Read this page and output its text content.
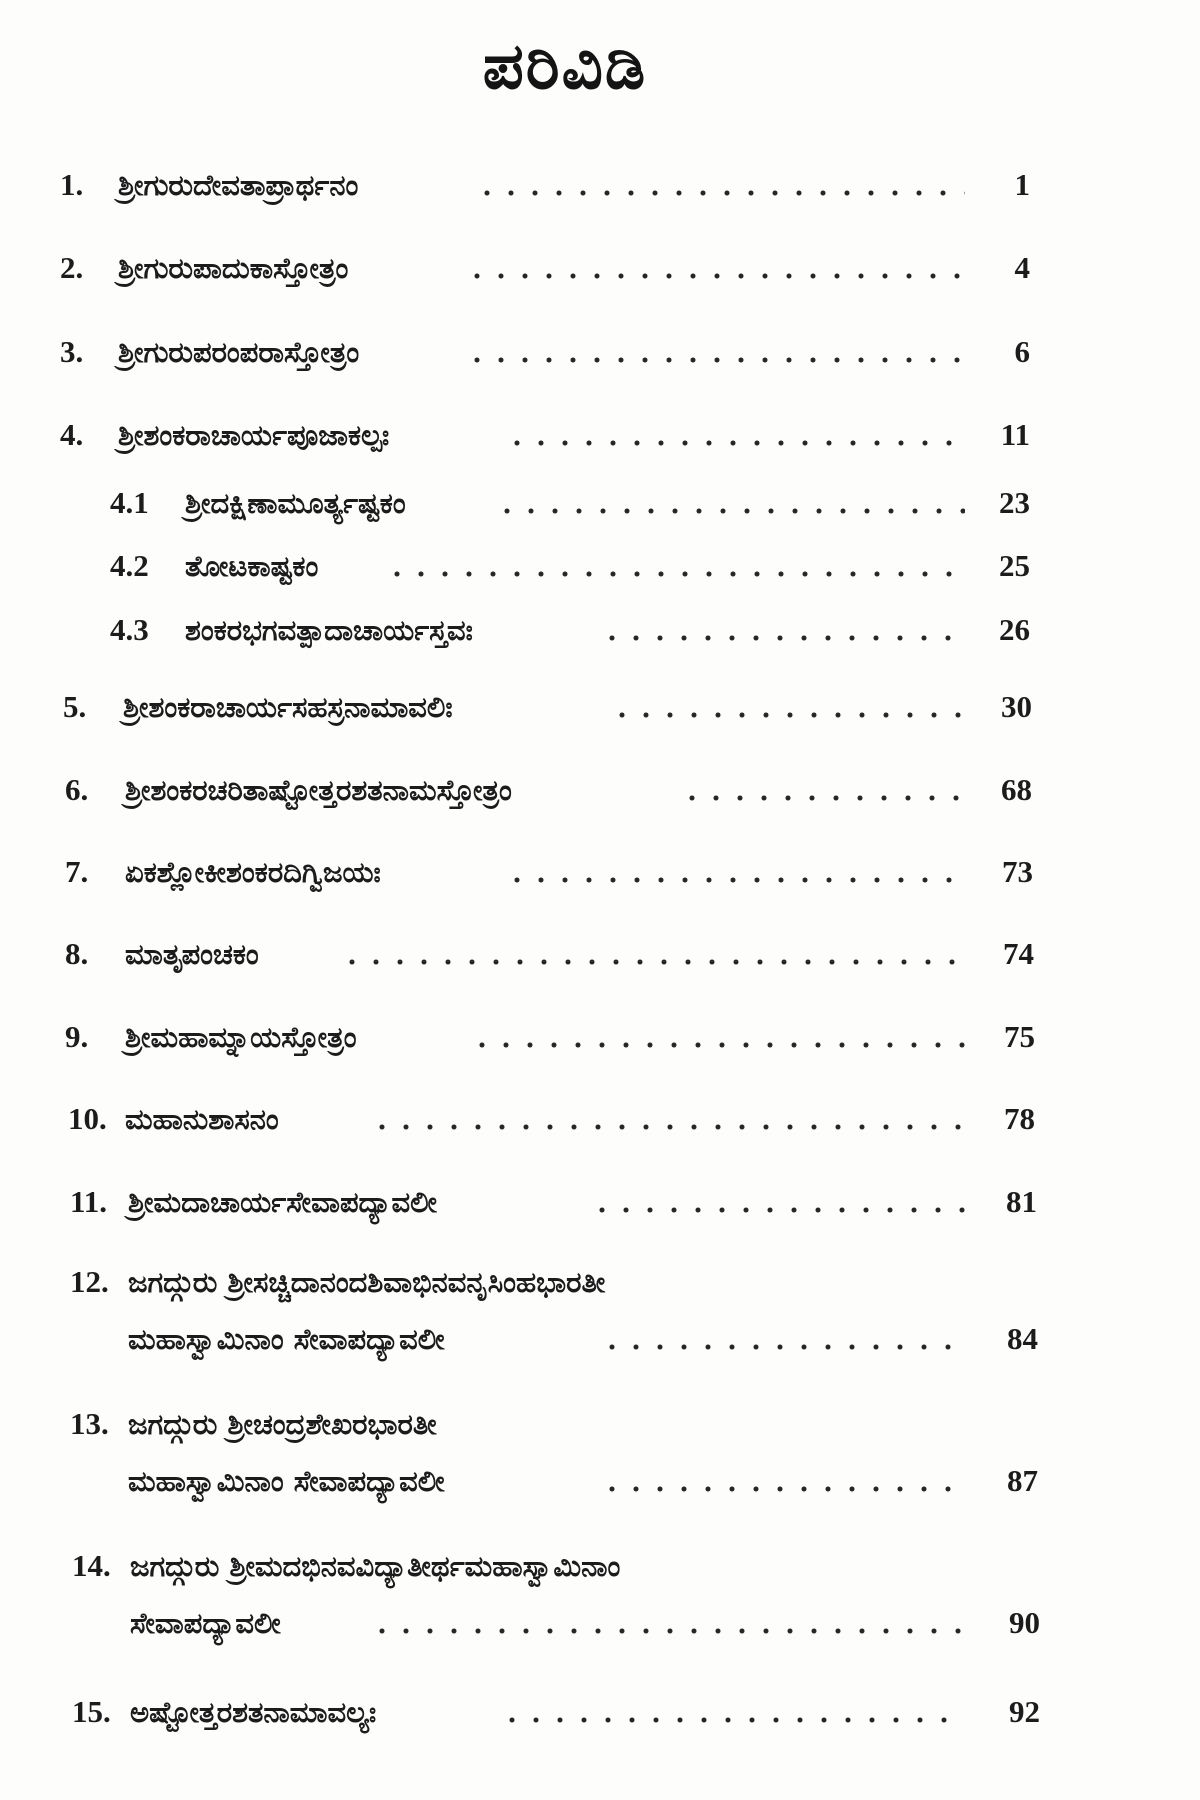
ಪರಿವಿಡಿ
1. ಶ್ರೀಗುರುದೇವತಾಪ್ರಾರ್ಥನಂ	1
2. ಶ್ರೀಗುರುಪಾದುಕಾಸ್ತೋತ್ರಂ	4
3. ಶ್ರೀಗುರುಪರಂಪರಾಸ್ತೋತ್ರಂ	6
4. ಶ್ರೀಶಂಕರಾಚಾರ್ಯಪೂಜಾಕಲ್ಪಃ	11
4.1 ಶ್ರೀದಕ್ಷಿಣಾಮೂರ್ತ್ಯಷ್ಟಕಂ	23
4.2 ತೋಟಕಾಷ್ಟಕಂ	25
4.3 ಶಂಕರಭಗವತ್ಪಾದಾಚಾರ್ಯಸ್ತವಃ	26
5. ಶ್ರೀಶಂಕರಾಚಾರ್ಯಸಹಸ್ರನಾಮಾವಲಿಃ	30
6. ಶ್ರೀಶಂಕರಚರಿತಾಷ್ಟೋತ್ತರಶತನಾಮಸ್ತೋತ್ರಂ	68
7. ಏಕಶ್ಲೋಕೀಶಂಕರದಿಗ್ವಿಜಯಃ	73
8. ಮಾತೃಪಂಚಕಂ	74
9. ಶ್ರೀಮಹಾಮ್ನಾಯಸ್ತೋತ್ರಂ	75
10. ಮಹಾನುಶಾಸನಂ	78
11. ಶ್ರೀಮದಾಚಾರ್ಯಸೇವಾಪದ್ಯಾವಲೀ	81
12. ಜಗದ್ಗುರು ಶ್ರೀಸಚ್ಚಿದಾನಂದಶಿವಾಭಿನವನೃಸಿಂಹಭಾರತೀ
ಮಹಾಸ್ವಾಮಿನಾಂ ಸೇವಾಪದ್ಯಾವಲೀ	84
13. ಜಗದ್ಗುರು ಶ್ರೀಚಂದ್ರಶೇಖರಭಾರತೀ
ಮಹಾಸ್ವಾಮಿನಾಂ ಸೇವಾಪದ್ಯಾವಲೀ	87
14. ಜಗದ್ಗುರು ಶ್ರೀಮದಭಿನವವಿದ್ಯಾತೀರ್ಥಮಹಾಸ್ವಾಮಿನಾಂ
ಸೇವಾಪದ್ಯಾವಲೀ	90
15. ಅಷ್ಟೋತ್ತರಶತನಾಮಾವಲ್ಯಃ	92
